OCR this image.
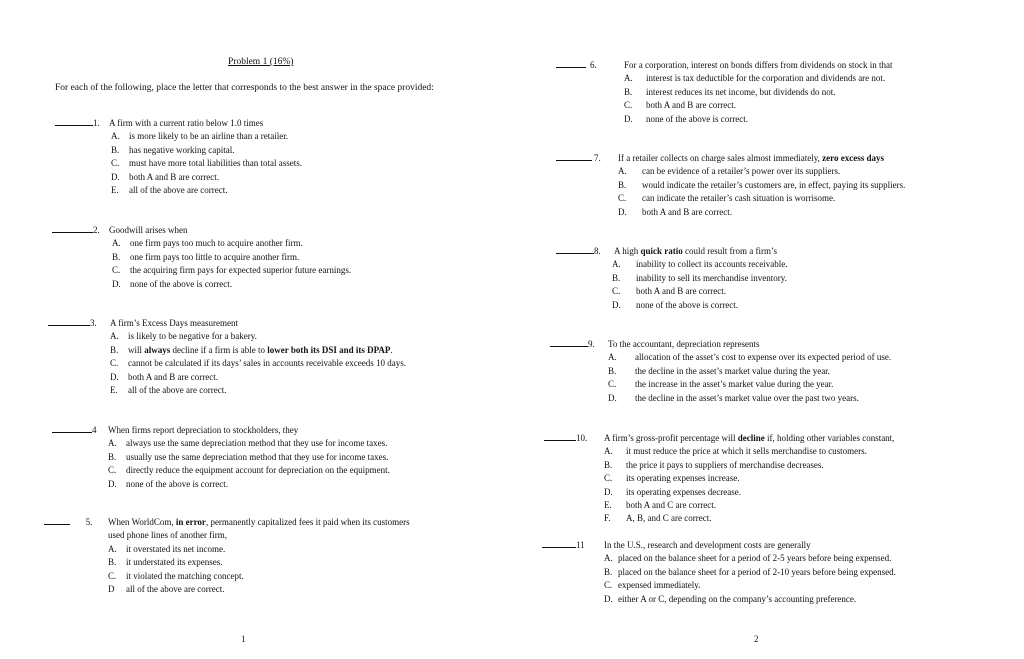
Problem 1 (16%)
For each of the following, place the letter that corresponds to the best answer in the space provided:
1. A firm with a current ratio below 1.0 times
A. is more likely to be an airline than a retailer.
B. has negative working capital.
C. must have more total liabilities than total assets.
D. both A and B are correct.
E. all of the above are correct.
2. Goodwill arises when
A. one firm pays too much to acquire another firm.
B. one firm pays too little to acquire another firm.
C. the acquiring firm pays for expected superior future earnings.
D. none of the above is correct.
3. A firm’s Excess Days measurement
A. is likely to be negative for a bakery.
B. will always decline if a firm is able to lower both its DSI and its DPAP.
C. cannot be calculated if its days’ sales in accounts receivable exceeds 10 days.
D. both A and B are correct.
E. all of the above are correct.
4 When firms report depreciation to stockholders, they
A. always use the same depreciation method that they use for income taxes.
B. usually use the same depreciation method that they use for income taxes.
C. directly reduce the equipment account for depreciation on the equipment.
D. none of the above is correct.
5. When WorldCom, in error, permanently capitalized fees it paid when its customers
used phone lines of another firm,
A. it overstated its net income.
B. it understated its expenses.
C. it violated the matching concept.
D all of the above are correct.
1
6.	For a corporation, interest on bonds differs from dividends on stock in that
A. interest is tax deductible for the corporation and dividends are not.
B. interest reduces its net income, but dividends do not.
C. both A and B are correct.
D. none of the above is correct.
7. If a retailer collects on charge sales almost immediately, zero excess days
A. can be evidence of a retailer’s power over its suppliers.
B. would indicate the retailer’s customers are, in effect, paying its suppliers.
C. can indicate the retailer’s cash situation is worrisome.
D. both A and B are correct.
8. A high quick ratio could result from a firm’s
A. inability to collect its accounts receivable.
B. inability to sell its merchandise inventory.
C. both A and B are correct.
D. none of the above is correct.
9. To the accountant, depreciation represents
A. allocation of the asset’s cost to expense over its expected period of use.
B. the decline in the asset’s market value during the year.
C. the increase in the asset’s market value during the year.
D. the decline in the asset’s market value over the past two years.
10. A firm’s gross-profit percentage will decline if, holding other variables constant,
A. it must reduce the price at which it sells merchandise to customers.
B. the price it pays to suppliers of merchandise decreases.
C. its operating expenses increase.
D. its operating expenses decrease.
E. both A and C are correct.
F. A, B, and C are correct.
11 In the U.S., research and development costs are generally
A. placed on the balance sheet for a period of 2-5 years before being expensed.
B. placed on the balance sheet for a period of 2-10 years before being expensed.
C. expensed immediately.
D. either A or C, depending on the company’s accounting preference.
2
